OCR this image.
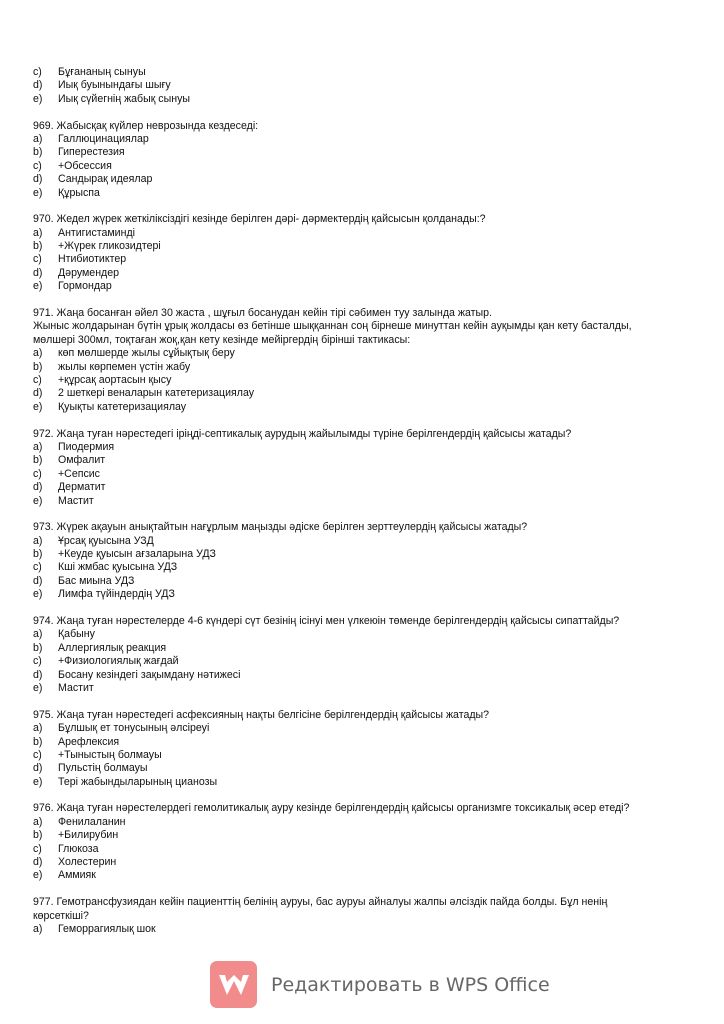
c)	Бұғананың сынуы
d)	Иық буынындағы шығу
e)	Иық сүйегнің жабық сынуы
969. Жабысқақ күйлер неврозында кездеседі:
a)	Галлюцинациялар
b)	Гиперестезия
c)	+Обсессия
d)	Сандырақ идеялар
e)	Құрыспа
970. Жедел жүрек жеткіліксіздігі кезінде берілген дәрі- дәрмектердің қайсысын қолданады:?
a)	Антигистаминді
b)	+Жүрек гликозидтері
c)	Нтибиотиктер
d)	Дәрумендер
e)	Гормондар
971. Жаңа босанған әйел 30 жаста , шұғыл босанудан кейін тірі сәбимен туу залында жатыр.
Жыныс жолдарынан бүтін ұрық жолдасы өз бетінше шыққаннан соң бірнеше минуттан кейін ауқымды қан кету басталды,
мөлшері 300мл, тоқтаған жоқ,қан кету кезінде мейіргердің бірінші тактикасы:
a)	көп мөлшерде жылы сұйықтық беру
b)	жылы көрпемен үстін жабу
c)	+құрсақ аортасын қысу
d)	2 шеткері веналарын катетеризациялау
e)	Қуықты катетеризациялау
972. Жаңа туған нәрестедегі іріңді-септикалық аурудың жайылымды түріне берілгендердің қайсысы жатады?
a)	Пиодермия
b)	Омфалит
c)	+Сепсис
d)	Дерматит
e)	Мастит
973. Жүрек ақауын анықтайтын нағұрлым маңызды әдіске берілген зерттеулердің қайсысы жатады?
a)	Ұрсақ қуысына УЗД
b)	+Кеуде қуысын ағзаларына УДЗ
c)	Кші жмбас қуысына УДЗ
d)	Бас миына УДЗ
e)	Лимфа түйіндердің УДЗ
974. Жаңа туған нәрестелерде 4-6 күндері сүт безінің ісінуі мен үлкеюін төменде берілгендердің қайсысы сипаттайды?
a)	Қабыну
b)	Аллергиялық реакция
c)	+Физиологиялық жағдай
d)	Босану кезіндегі зақымдану нәтижесі
e)	Мастит
975. Жаңа туған нәрестедегі асфексияның нақты белгісіне берілгендердің қайсысы жатады?
a)	Бұлшық ет тонусының әлсіреуі
b)	Арефлексия
c)	+Тыныстың болмауы
d)	Пульстің болмауы
e)	Тері жабындыларының цианозы
976. Жаңа туған нәрестелердегі гемолитикалық ауру кезінде берілгендердің қайсысы организмге токсикалық әсер етеді?
a)	Фенилаланин
b)	+Билирубин
c)	Глюкоза
d)	Холестерин
e)	Аммияк
977. Гемотрансфузиядан кейін пациенттің белінің ауруы, бас ауруы айналуы жалпы әлсіздік пайда болды. Бұл ненің
көрсеткіші?
a)	Геморрагиялық шок
Редактировать в WPS Office
